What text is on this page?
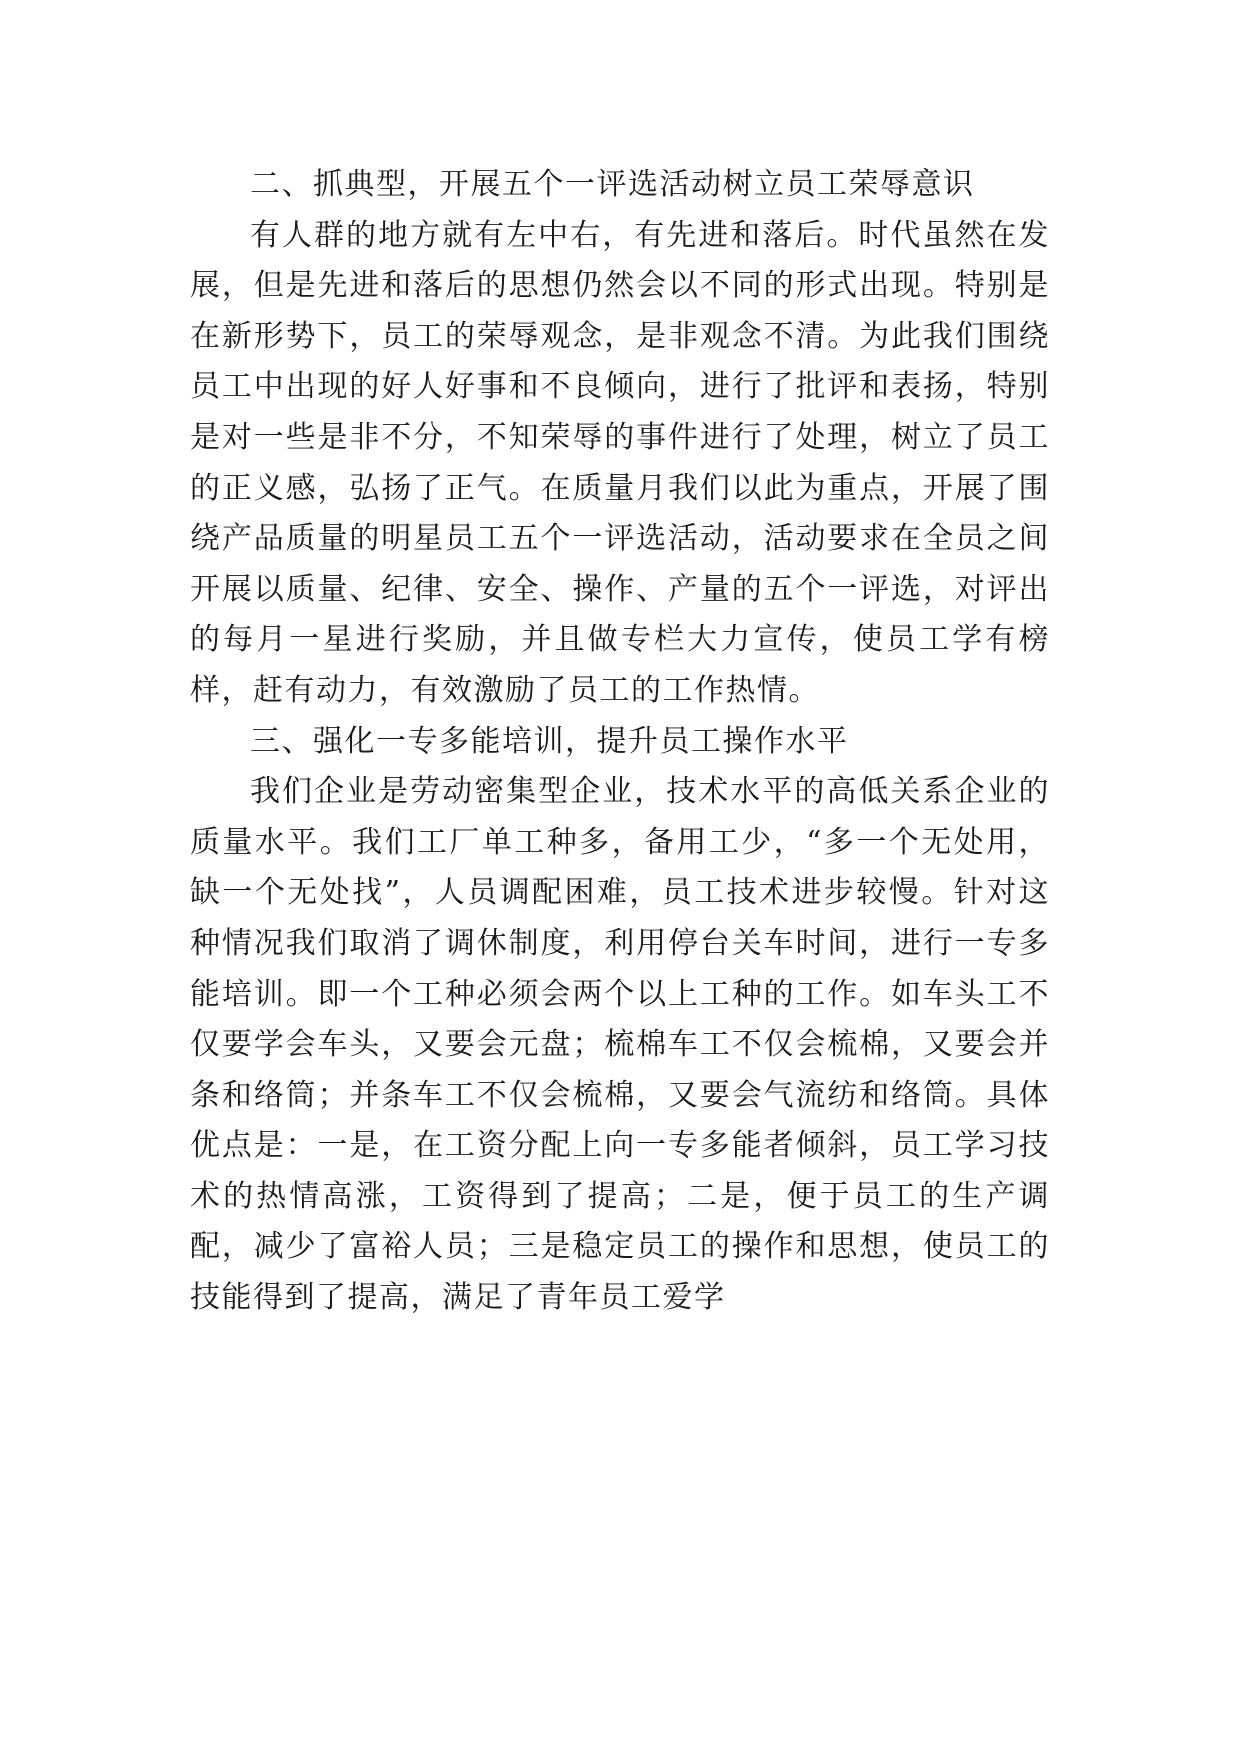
二、抓典型，开展五个一评选活动树立员工荣辱意识

有人群的地方就有左中右，有先进和落后。时代虽然在发展，但是先进和落后的思想仍然会以不同的形式出现。特别是在新形势下，员工的荣辱观念，是非观念不清。为此我们围绕员工中出现的好人好事和不良倾向，进行了批评和表扬，特别是对一些是非不分，不知荣辱的事件进行了处理，树立了员工的正义感，弘扬了正气。在质量月我们以此为重点，开展了围绕产品质量的明星员工五个一评选活动，活动要求在全员之间开展以质量、纪律、安全、操作、产量的五个一评选，对评出的每月一星进行奖励，并且做专栏大力宣传，使员工学有榜样，赶有动力，有效激励了员工的工作热情。

三、强化一专多能培训，提升员工操作水平

我们企业是劳动密集型企业，技术水平的高低关系企业的质量水平。我们工厂单工种多，备用工少，“多一个无处用，缺一个无处找”，人员调配困难，员工技术进步较慢。针对这种情况我们取消了调休制度，利用停台关车时间，进行一专多能培训。即一个工种必须会两个以上工种的工作。如车头工不仅要学会车头，又要会元盘；梳棉车工不仅会梳棉，又要会并条和络筒；并条车工不仅会梳棉，又要会气流纺和络筒。具体优点是：一是，在工资分配上向一专多能者倾斜，员工学习技术的热情高涨，工资得到了提高；二是，便于员工的生产调配，减少了富裕人员；三是稳定员工的操作和思想，使员工的技能得到了提高，满足了青年员工爱学
